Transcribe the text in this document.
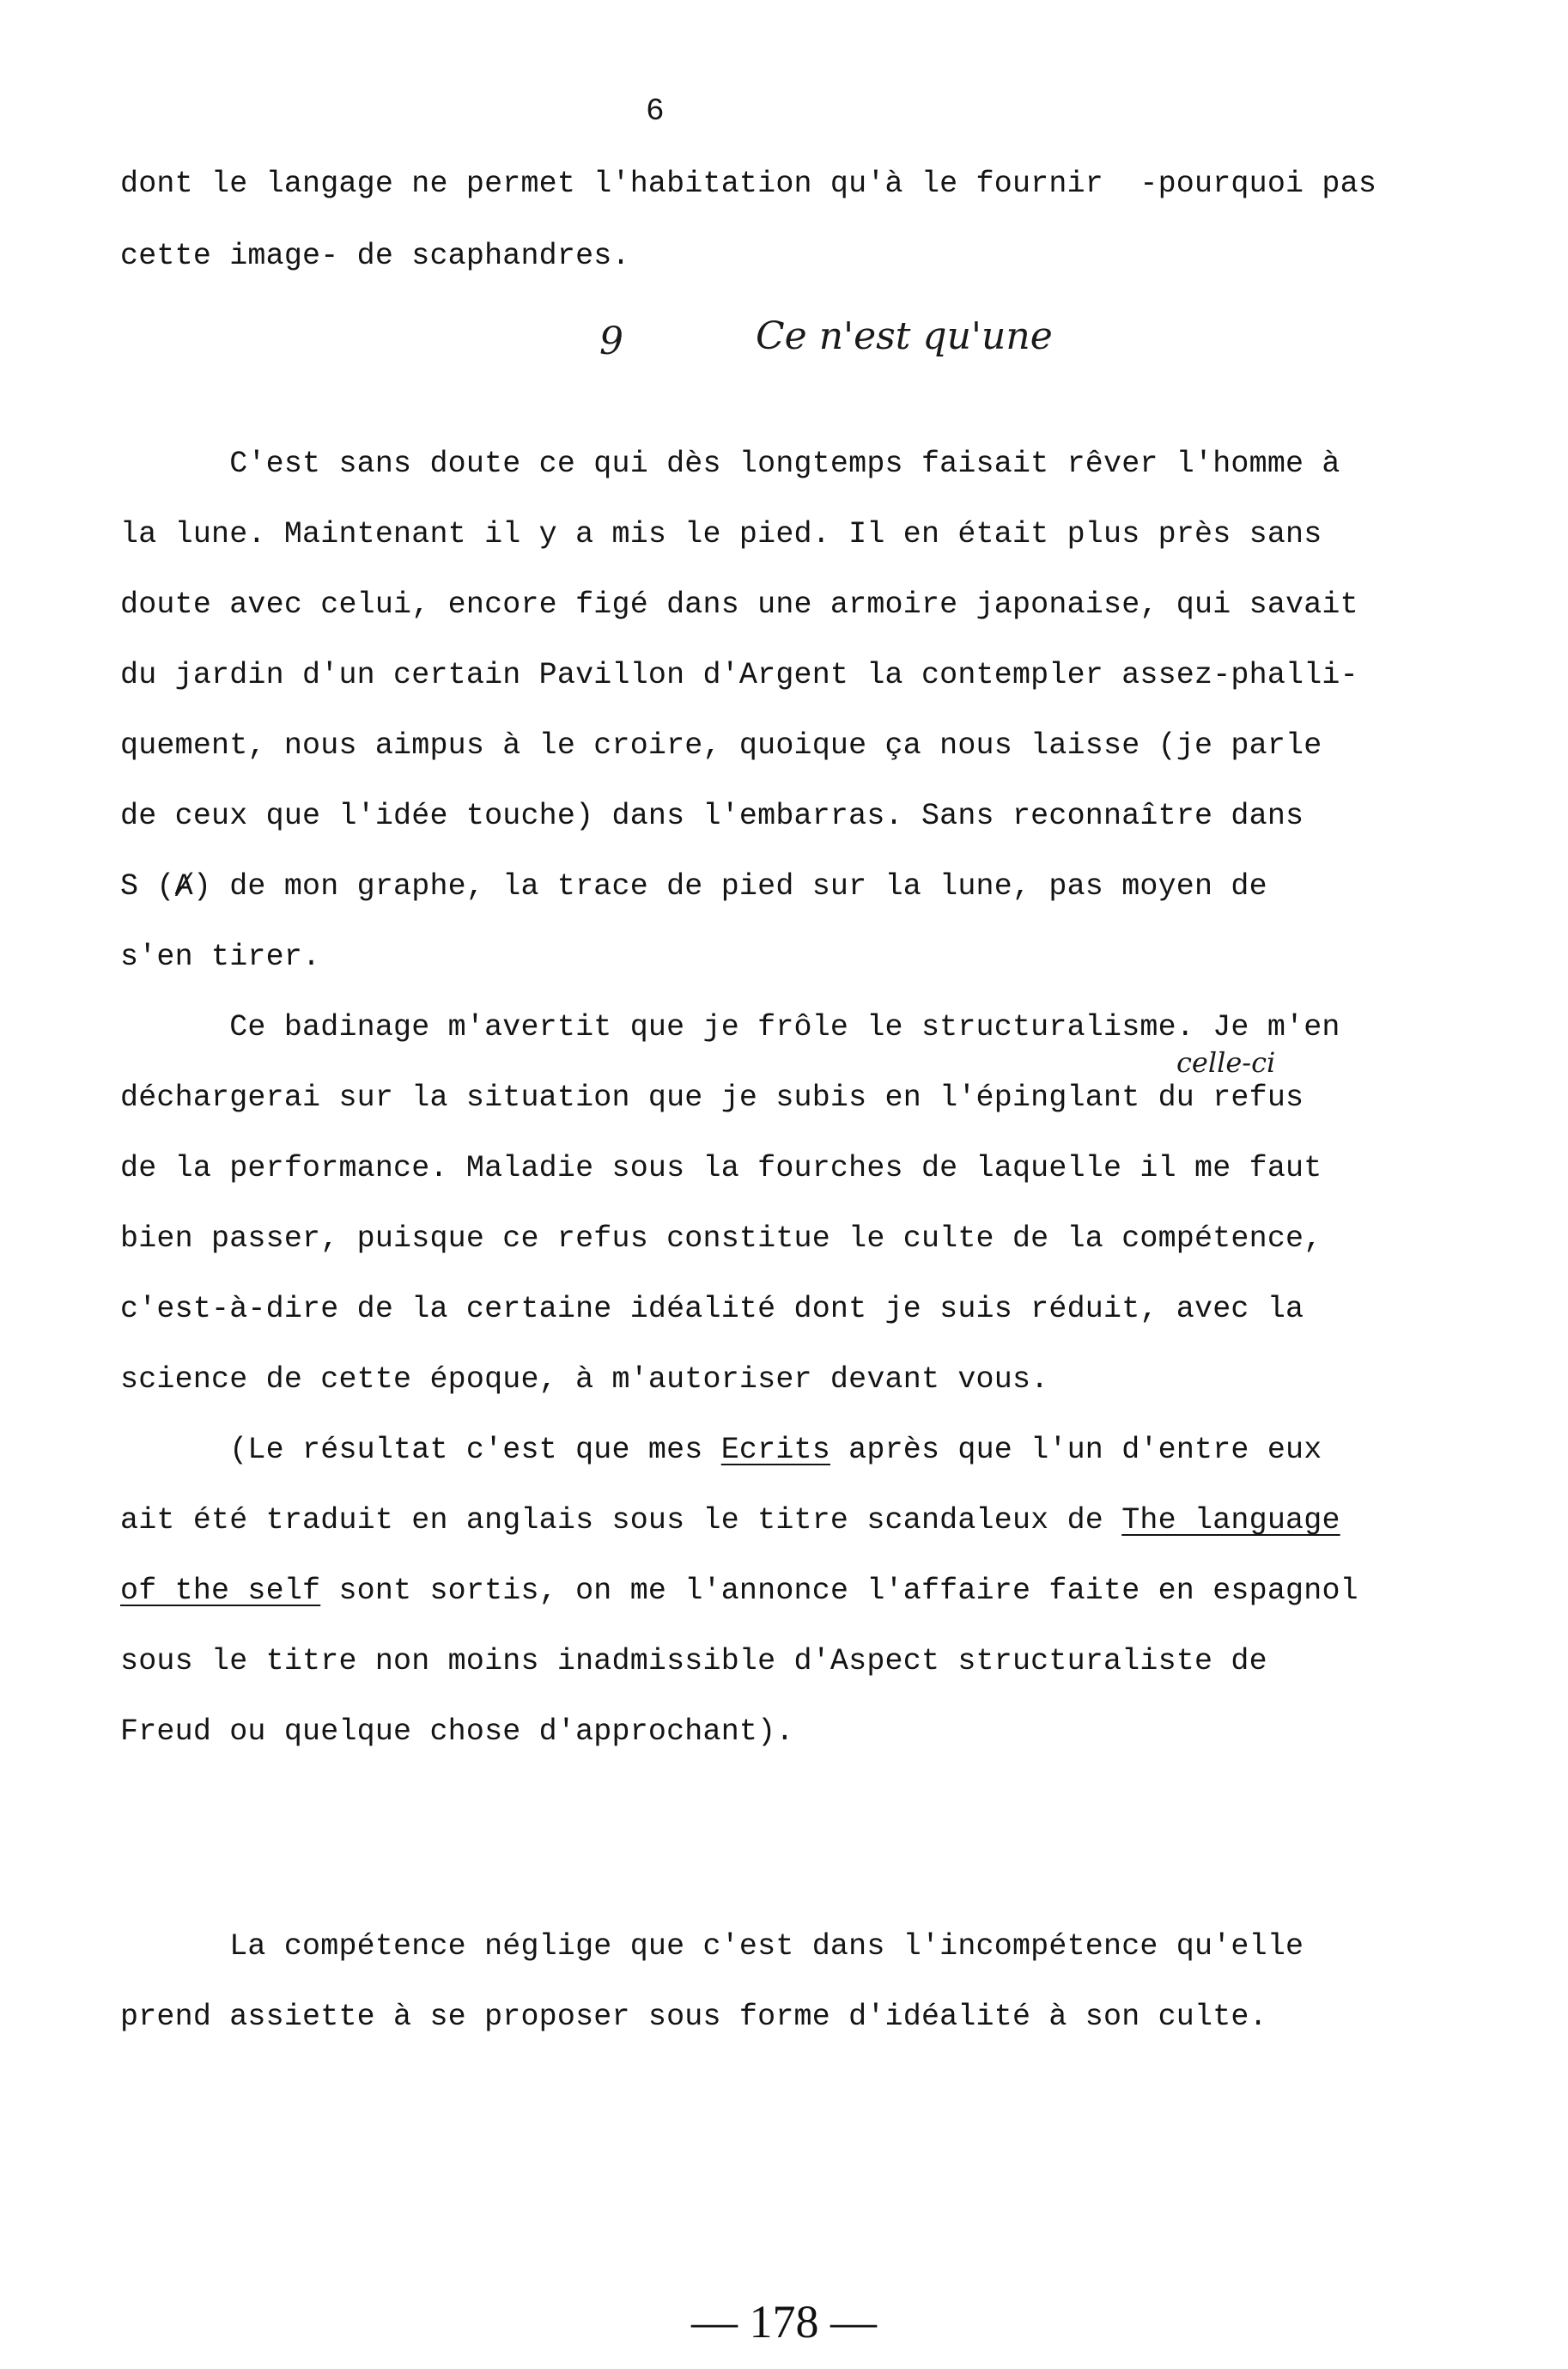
6
dont le langage ne permet l'habitation qu'à le fournir  -pourquoi pas
cette image- de scaphandres.
9	Ce n'est qu'une
C'est sans doute ce qui dès longtemps faisait rêver l'homme à
la lune. Maintenant il y a mis le pied. Il en était plus près sans
doute avec celui, encore figé dans une armoire japonaise, qui savait
du jardin d'un certain Pavillon d'Argent la contempler assez-phalli-
quement, nous aimpus à le croire, quoique ça nous laisse (je parle
de ceux que l'idée touche) dans l'embarras. Sans reconnaître dans
S (Ⱥ) de mon graphe, la trace de pied sur la lune, pas moyen de
s'en tirer.
Ce badinage m'avertit que je frôle le structuralisme. Je m'en
celle-ci
déchargerai sur la situation que je subis en l'épinglant du refus
de la performance. Maladie sous la fourches de laquelle il me faut
bien passer, puisque ce refus constitue le culte de la compétence,
c'est-à-dire de la certaine idéalité dont je suis réduit, avec la
science de cette époque, à m'autoriser devant vous.
(Le résultat c'est que mes Ecrits après que l'un d'entre eux
ait été traduit en anglais sous le titre scandaleux de The language
of the self sont sortis, on me l'annonce l'affaire faite en espagnol
sous le titre non moins inadmissible d'Aspect structuraliste de
Freud ou quelque chose d'approchant).
La compétence néglige que c'est dans l'incompétence qu'elle
prend assiette à se proposer sous forme d'idéalité à son culte.
— 178 —
